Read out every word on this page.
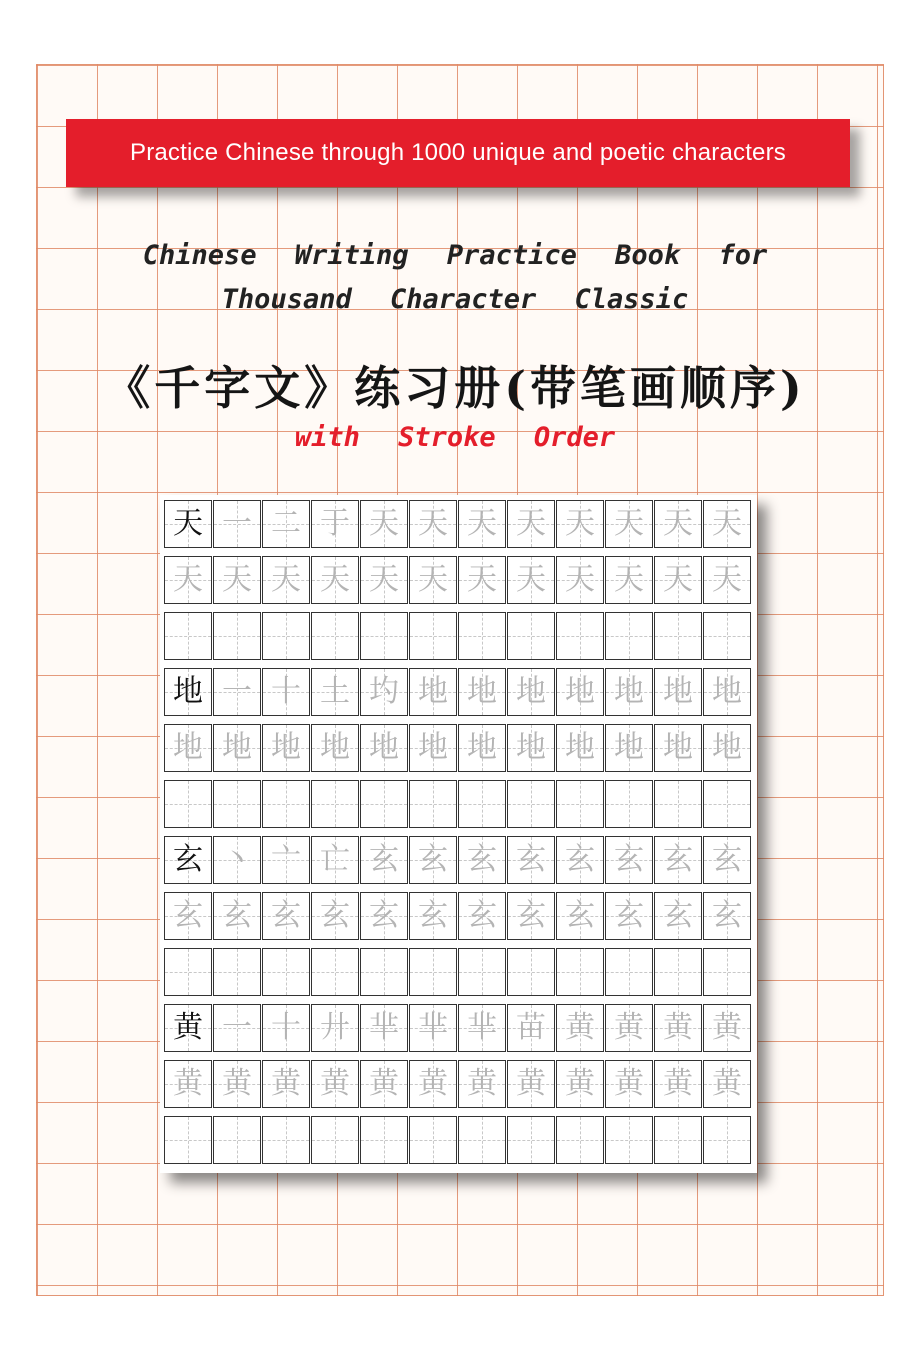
Practice Chinese through 1000 unique and poetic characters
Chinese Writing Practice Book for
Thousand Character Classic
《千字文》练习册(带笔画顺序)
with Stroke Order
天 一 二 于 天 天 天 天 天 天 天 天
天 天 天 天 天 天 天 天 天 天 天 天
地 一 十 土 圴 地 地 地 地 地 地 地
地 地 地 地 地 地 地 地 地 地 地 地
玄 丶 亠 亡 玄 玄 玄 玄 玄 玄 玄 玄
玄 玄 玄 玄 玄 玄 玄 玄 玄 玄 玄 玄
黄 一 十 廾 芈 芈 芈 苗 黄 黄 黄 黄
黄 黄 黄 黄 黄 黄 黄 黄 黄 黄 黄 黄
